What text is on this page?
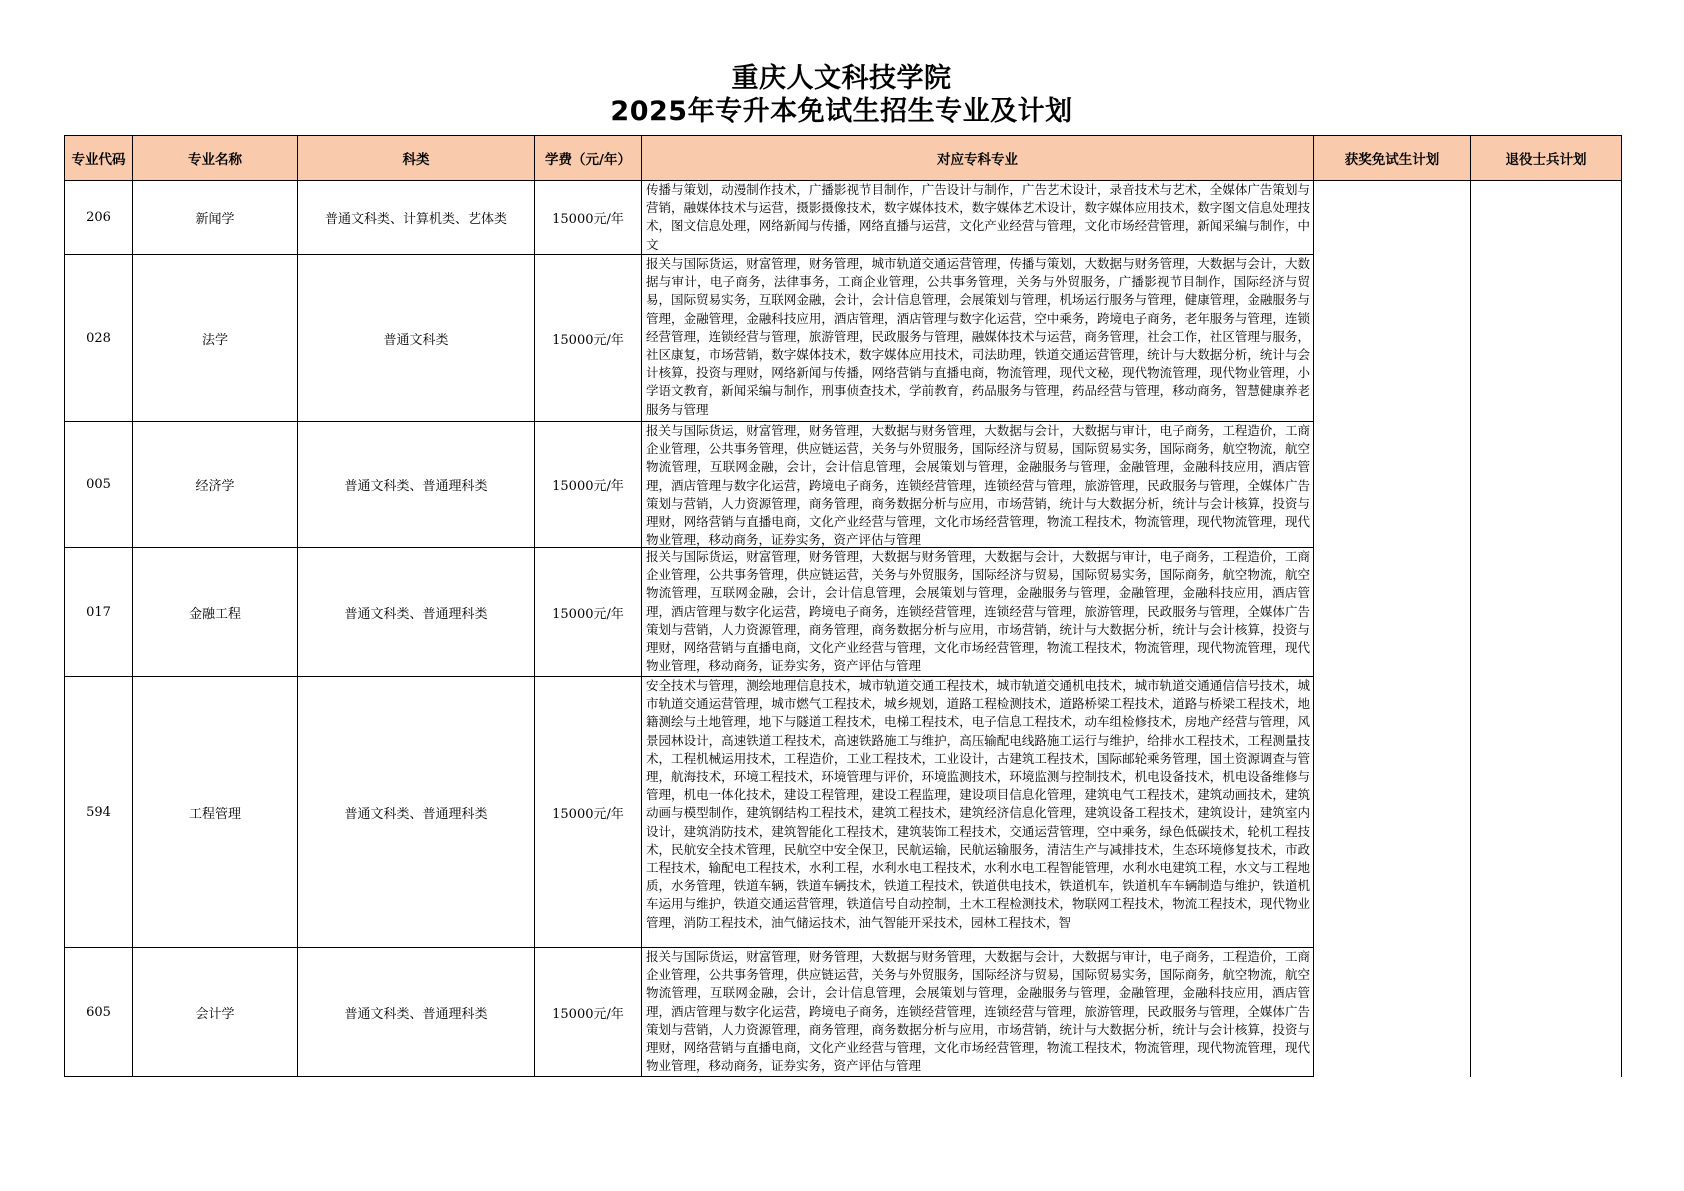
重庆人文科技学院
2025年专升本免试生招生专业及计划
专业代码	专业名称	科类	学费（元/年）	对应专科专业	获奖免试生计划	退役士兵计划
206	新闻学	普通文科类、计算机类、艺体类	15000元/年	传播与策划，动漫制作技术，广播影视节目制作，广告设计与制作，广告艺术设计，录音技术与艺术，全媒体广告策划与营销，融媒体技术与运营，摄影摄像技术，数字媒体技术，数字媒体艺术设计，数字媒体应用技术，数字图文信息处理技术，图文信息处理，网络新闻与传播，网络直播与运营，文化产业经营与管理，文化市场经营管理，新闻采编与制作，中文		

028	法学	普通文科类	15000元/年	报关与国际货运，财富管理，财务管理，城市轨道交通运营管理，传播与策划，大数据与财务管理，大数据与会计，大数据与审计，电子商务，法律事务，工商企业管理，公共事务管理，关务与外贸服务，广播影视节目制作，国际经济与贸易，国际贸易实务，互联网金融，会计，会计信息管理，会展策划与管理，机场运行服务与管理，健康管理，金融服务与管理，金融管理，金融科技应用，酒店管理，酒店管理与数字化运营，空中乘务，跨境电子商务，老年服务与管理，连锁经营管理，连锁经营与管理，旅游管理，民政服务与管理，融媒体技术与运营，商务管理，社会工作，社区管理与服务，社区康复，市场营销，数字媒体技术，数字媒体应用技术，司法助理，铁道交通运营管理，统计与大数据分析，统计与会计核算，投资与理财，网络新闻与传播，网络营销与直播电商，物流管理，现代文秘，现代物流管理，现代物业管理，小学语文教育，新闻采编与制作，刑事侦查技术，学前教育，药品服务与管理，药品经营与管理，移动商务，智慧健康养老服务与管理		

005	经济学	普通文科类、普通理科类	15000元/年	报关与国际货运，财富管理，财务管理，大数据与财务管理，大数据与会计，大数据与审计，电子商务，工程造价，工商企业管理，公共事务管理，供应链运营，关务与外贸服务，国际经济与贸易，国际贸易实务，国际商务，航空物流，航空物流管理，互联网金融，会计，会计信息管理，会展策划与管理，金融服务与管理，金融管理，金融科技应用，酒店管理，酒店管理与数字化运营，跨境电子商务，连锁经营管理，连锁经营与管理，旅游管理，民政服务与管理，全媒体广告策划与营销，人力资源管理，商务管理，商务数据分析与应用，市场营销，统计与大数据分析，统计与会计核算，投资与理财，网络营销与直播电商，文化产业经营与管理，文化市场经营管理，物流工程技术，物流管理，现代物流管理，现代物业管理，移动商务，证券实务，资产评估与管理		

017	金融工程	普通文科类、普通理科类	15000元/年	报关与国际货运，财富管理，财务管理，大数据与财务管理，大数据与会计，大数据与审计，电子商务，工程造价，工商企业管理，公共事务管理，供应链运营，关务与外贸服务，国际经济与贸易，国际贸易实务，国际商务，航空物流，航空物流管理，互联网金融，会计，会计信息管理，会展策划与管理，金融服务与管理，金融管理，金融科技应用，酒店管理，酒店管理与数字化运营，跨境电子商务，连锁经营管理，连锁经营与管理，旅游管理，民政服务与管理，全媒体广告策划与营销，人力资源管理，商务管理，商务数据分析与应用，市场营销，统计与大数据分析，统计与会计核算，投资与理财，网络营销与直播电商，文化产业经营与管理，文化市场经营管理，物流工程技术，物流管理，现代物流管理，现代物业管理，移动商务，证券实务，资产评估与管理		

594	工程管理	普通文科类、普通理科类	15000元/年	安全技术与管理，测绘地理信息技术，城市轨道交通工程技术，城市轨道交通机电技术，城市轨道交通通信信号技术，城市轨道交通运营管理，城市燃气工程技术，城乡规划，道路工程检测技术，道路桥梁工程技术，道路与桥梁工程技术，地籍测绘与土地管理，地下与隧道工程技术，电梯工程技术，电子信息工程技术，动车组检修技术，房地产经营与管理，风景园林设计，高速铁道工程技术，高速铁路施工与维护，高压输配电线路施工运行与维护，给排水工程技术，工程测量技术，工程机械运用技术，工程造价，工业工程技术，工业设计，古建筑工程技术，国际邮轮乘务管理，国土资源调查与管理，航海技术，环境工程技术，环境管理与评价，环境监测技术，环境监测与控制技术，机电设备技术，机电设备维修与管理，机电一体化技术，建设工程管理，建设工程监理，建设项目信息化管理，建筑电气工程技术，建筑动画技术，建筑动画与模型制作，建筑钢结构工程技术，建筑工程技术，建筑经济信息化管理，建筑设备工程技术，建筑设计，建筑室内设计，建筑消防技术，建筑智能化工程技术，建筑装饰工程技术，交通运营管理，空中乘务，绿色低碳技术，轮机工程技术，民航安全技术管理，民航空中安全保卫，民航运输，民航运输服务，清洁生产与减排技术，生态环境修复技术，市政工程技术，输配电工程技术，水利工程，水利水电工程技术，水利水电工程智能管理，水利水电建筑工程，水文与工程地质，水务管理，铁道车辆，铁道车辆技术，铁道工程技术，铁道供电技术，铁道机车，铁道机车车辆制造与维护，铁道机车运用与维护，铁道交通运营管理，铁道信号自动控制，土木工程检测技术，物联网工程技术，物流工程技术，现代物业管理，消防工程技术，油气储运技术，油气智能开采技术，园林工程技术，智		

605	会计学	普通文科类、普通理科类	15000元/年	报关与国际货运，财富管理，财务管理，大数据与财务管理，大数据与会计，大数据与审计，电子商务，工程造价，工商企业管理，公共事务管理，供应链运营，关务与外贸服务，国际经济与贸易，国际贸易实务，国际商务，航空物流，航空物流管理，互联网金融，会计，会计信息管理，会展策划与管理，金融服务与管理，金融管理，金融科技应用，酒店管理，酒店管理与数字化运营，跨境电子商务，连锁经营管理，连锁经营与管理，旅游管理，民政服务与管理，全媒体广告策划与营销，人力资源管理，商务管理，商务数据分析与应用，市场营销，统计与大数据分析，统计与会计核算，投资与理财，网络营销与直播电商，文化产业经营与管理，文化市场经营管理，物流工程技术，物流管理，现代物流管理，现代物业管理，移动商务，证券实务，资产评估与管理		
